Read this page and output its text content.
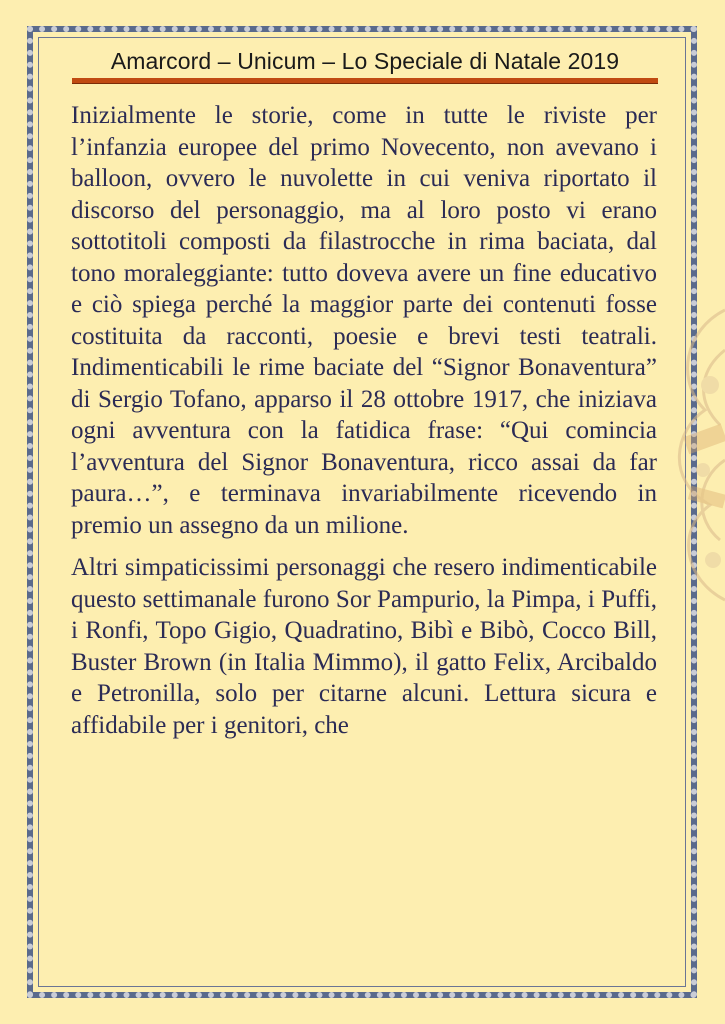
Amarcord – Unicum – Lo Speciale di Natale 2019

Inizialmente le storie, come in tutte le riviste per l’infanzia europee del primo Novecento, non avevano i balloon, ovvero le nuvolette in cui veniva riportato il discorso del personaggio, ma al loro posto vi erano sottotitoli composti da filastrocche in rima baciata, dal tono moraleggiante: tutto doveva avere un fine educativo e ciò spiega perché la maggior parte dei contenuti fosse costituita da racconti, poesie e brevi testi teatrali. Indimenticabili le rime baciate del “Signor Bonaventura” di Sergio Tofano, apparso il 28 ottobre 1917, che iniziava ogni avventura con la fatidica frase: “Qui comincia l’avventura del Signor Bonaventura, ricco assai da far paura…”, e terminava invariabilmente ricevendo in premio un assegno da un milione.

Altri simpaticissimi personaggi che resero indimenticabile questo settimanale furono Sor Pampurio, la Pimpa, i Puffi, i Ronfi, Topo Gigio, Quadratino, Bibì e Bibò, Cocco Bill, Buster Brown (in Italia Mimmo), il gatto Felix, Arcibaldo e Petronilla, solo per citarne alcuni. Lettura sicura e affidabile per i genitori, che
